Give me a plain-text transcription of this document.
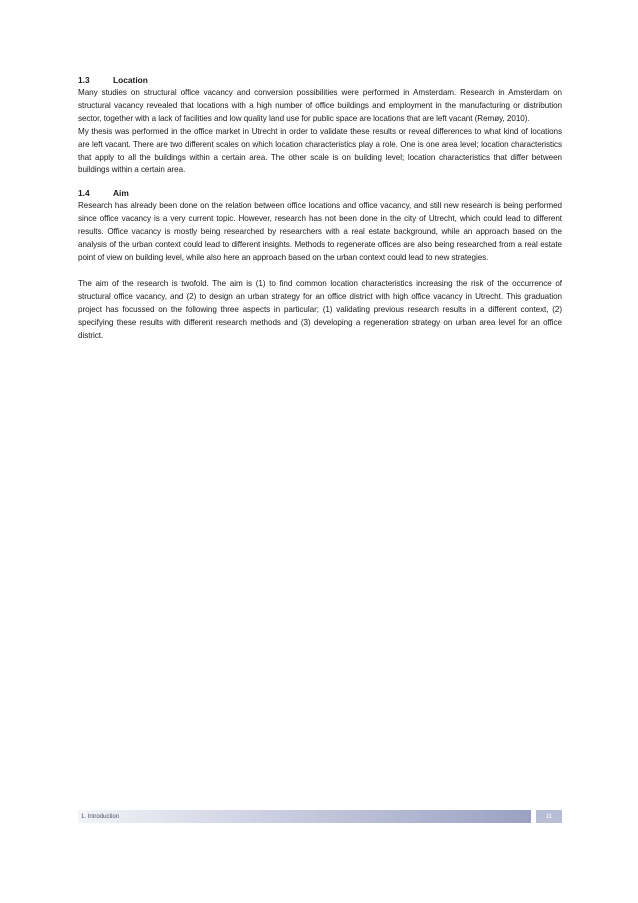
1.3	Location

Many studies on structural office vacancy and conversion possibilities were performed in Amsterdam. Research in Amsterdam on structural vacancy revealed that locations with a high number of office buildings and employment in the manufacturing or distribution sector, together with a lack of facilities and low quality land use for public space are locations that are left vacant (Remøy, 2010).

My thesis was performed in the office market in Utrecht in order to validate these results or reveal differences to what kind of locations are left vacant. There are two different scales on which location characteristics play a role. One is one area level; location characteristics that apply to all the buildings within a certain area. The other scale is on building level; location characteristics that differ between buildings within a certain area.

1.4	Aim

Research has already been done on the relation between office locations and office vacancy, and still new research is being performed since office vacancy is a very current topic. However, research has not been done in the city of Utrecht, which could lead to different results. Office vacancy is mostly being researched by researchers with a real estate background, while an approach based on the analysis of the urban context could lead to different insights. Methods to regenerate offices are also being researched from a real estate point of view on building level, while also here an approach based on the urban context could lead to new strategies.

The aim of the research is twofold. The aim is (1) to find common location characteristics increasing the risk of the occurrence of structural office vacancy, and (2) to design an urban strategy for an office district with high office vacancy in Utrecht. This graduation project has focussed on the following three aspects in particular; (1) validating previous research results in a different context, (2) specifying these results with different research methods and (3) developing a regeneration strategy on urban area level for an office district.

1. Introduction	11
